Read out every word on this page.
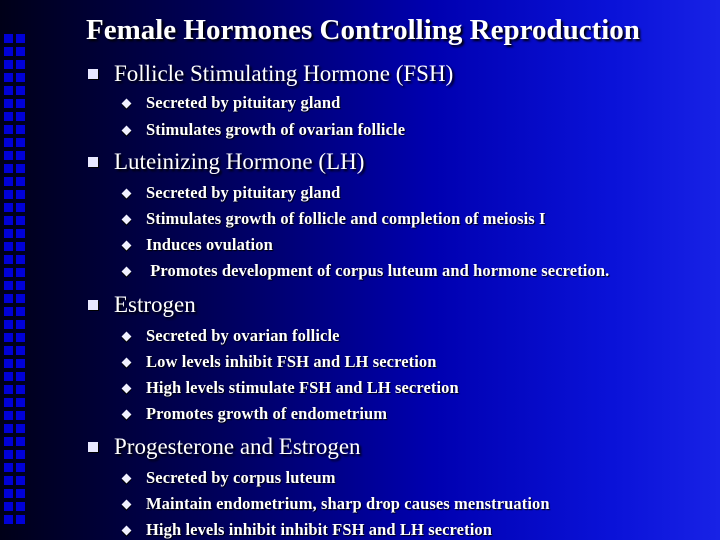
Female Hormones Controlling Reproduction
Follicle Stimulating Hormone (FSH)
Secreted by pituitary gland
Stimulates growth of ovarian follicle
Luteinizing Hormone (LH)
Secreted by pituitary gland
Stimulates growth of follicle and completion of meiosis I
Induces ovulation
Promotes development of corpus luteum and hormone secretion.
Estrogen
Secreted by ovarian follicle
Low levels inhibit FSH and LH secretion
High levels stimulate FSH and LH secretion
Promotes growth of endometrium
Progesterone and Estrogen
Secreted by corpus luteum
Maintain endometrium, sharp drop causes menstruation
High levels inhibit inhibit FSH and LH secretion
